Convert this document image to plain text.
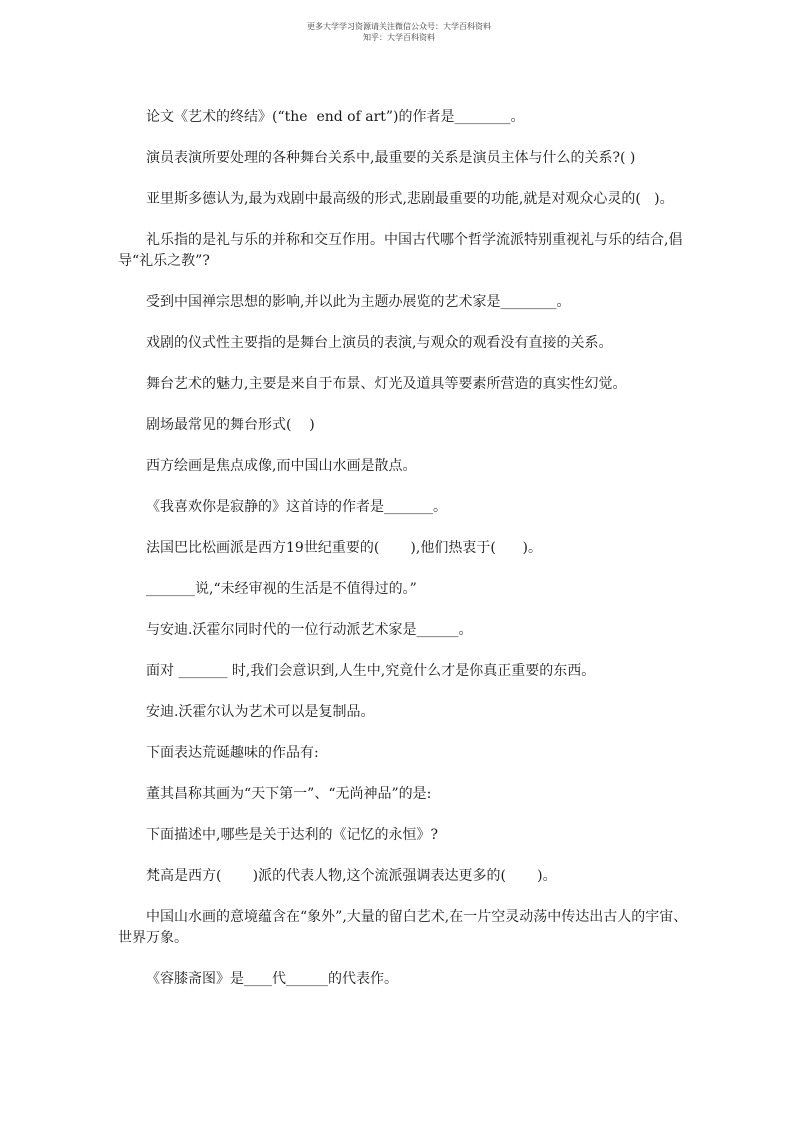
更多大学学习资源请关注微信公众号：大学百科资料
知乎：大学百科资料

论文《艺术的终结》(“the  end of art”)的作者是________。

演员表演所要处理的各种舞台关系中,最重要的关系是演员主体与什么的关系?( )

亚里斯多德认为,最为戏剧中最高级的形式,悲剧最重要的功能,就是对观众心灵的(   )。

礼乐指的是礼与乐的并称和交互作用。中国古代哪个哲学流派特别重视礼与乐的结合,倡导“礼乐之教”?

受到中国禅宗思想的影响,并以此为主题办展览的艺术家是________。

戏剧的仪式性主要指的是舞台上演员的表演,与观众的观看没有直接的关系。

舞台艺术的魅力,主要是来自于布景、灯光及道具等要素所营造的真实性幻觉。

剧场最常见的舞台形式(    )

西方绘画是焦点成像,而中国山水画是散点。

《我喜欢你是寂静的》这首诗的作者是_______。

法国巴比松画派是西方19世纪重要的(       ),他们热衷于(      )。

_______说,“未经审视的生活是不值得过的。”

与安迪.沃霍尔同时代的一位行动派艺术家是______。

面对 _______ 时,我们会意识到,人生中,究竟什么才是你真正重要的东西。

安迪.沃霍尔认为艺术可以是复制品。

下面表达荒诞趣味的作品有:

董其昌称其画为“天下第一”、“无尚神品”的是:

下面描述中,哪些是关于达利的《记忆的永恒》?

梵高是西方(       )派的代表人物,这个流派强调表达更多的(       )。

中国山水画的意境蕴含在“象外”,大量的留白艺术,在一片空灵动荡中传达出古人的宇宙、世界万象。

《容膝斋图》是____代______的代表作。
